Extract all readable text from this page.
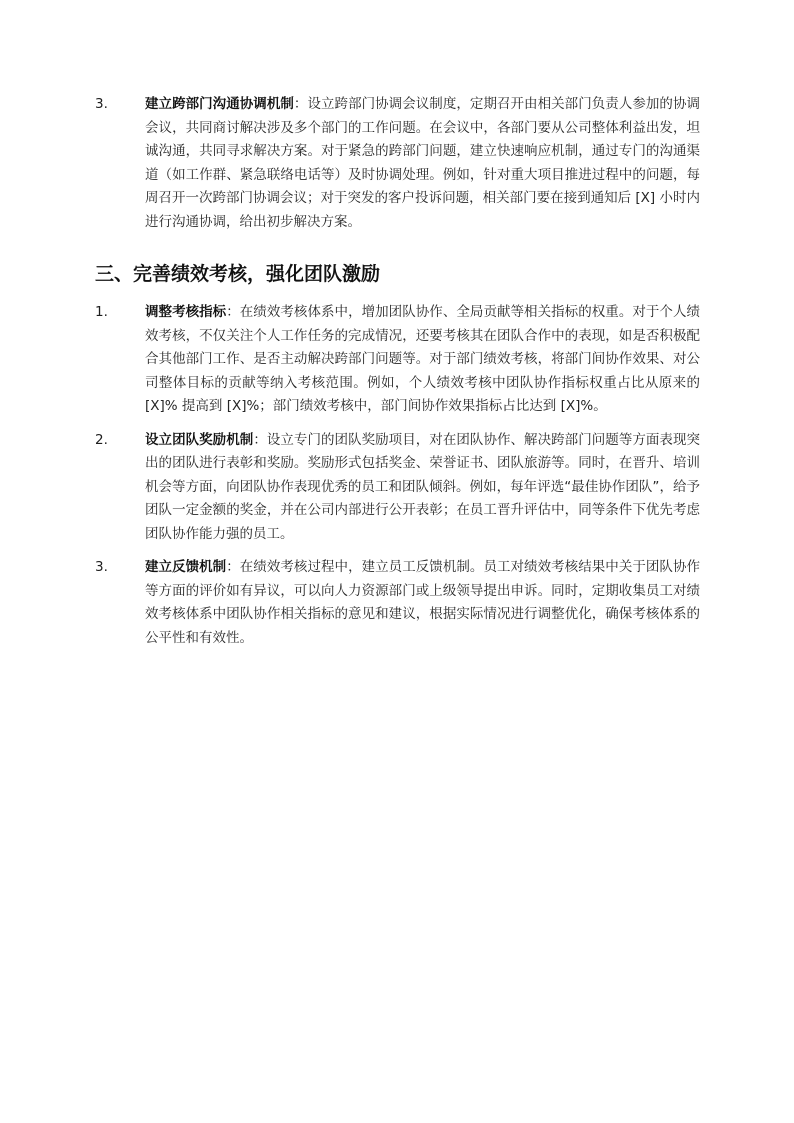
3.	建立跨部门沟通协调机制：设立跨部门协调会议制度，定期召开由相关部门负责人参加的协调会议，共同商讨解决涉及多个部门的工作问题。在会议中，各部门要从公司整体利益出发，坦诚沟通，共同寻求解决方案。对于紧急的跨部门问题，建立快速响应机制，通过专门的沟通渠道（如工作群、紧急联络电话等）及时协调处理。例如，针对重大项目推进过程中的问题，每周召开一次跨部门协调会议；对于突发的客户投诉问题，相关部门要在接到通知后 [X] 小时内进行沟通协调，给出初步解决方案。
三、完善绩效考核，强化团队激励
1.	调整考核指标：在绩效考核体系中，增加团队协作、全局贡献等相关指标的权重。对于个人绩效考核，不仅关注个人工作任务的完成情况，还要考核其在团队合作中的表现，如是否积极配合其他部门工作、是否主动解决跨部门问题等。对于部门绩效考核，将部门间协作效果、对公司整体目标的贡献等纳入考核范围。例如，个人绩效考核中团队协作指标权重占比从原来的 [X]% 提高到 [X]%；部门绩效考核中，部门间协作效果指标占比达到 [X]%。
2.	设立团队奖励机制：设立专门的团队奖励项目，对在团队协作、解决跨部门问题等方面表现突出的团队进行表彰和奖励。奖励形式包括奖金、荣誉证书、团队旅游等。同时，在晋升、培训机会等方面，向团队协作表现优秀的员工和团队倾斜。例如，每年评选“最佳协作团队”，给予团队一定金额的奖金，并在公司内部进行公开表彰；在员工晋升评估中，同等条件下优先考虑团队协作能力强的员工。
3.	建立反馈机制：在绩效考核过程中，建立员工反馈机制。员工对绩效考核结果中关于团队协作等方面的评价如有异议，可以向人力资源部门或上级领导提出申诉。同时，定期收集员工对绩效考核体系中团队协作相关指标的意见和建议，根据实际情况进行调整优化，确保考核体系的公平性和有效性。
